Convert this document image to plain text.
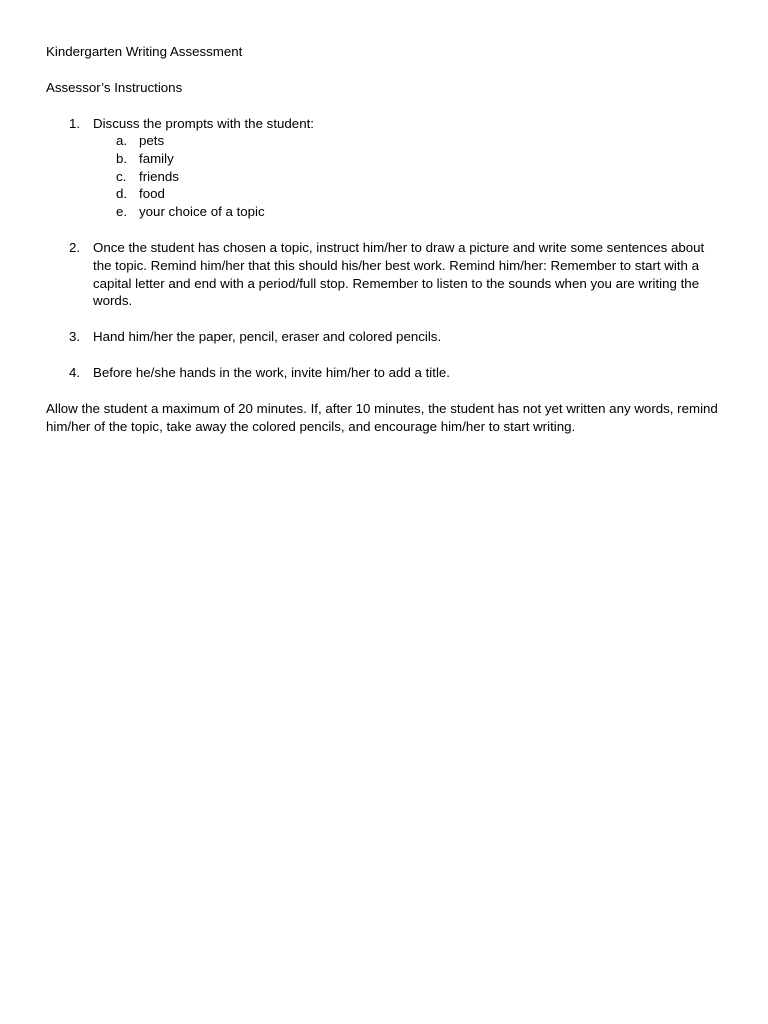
Kindergarten Writing Assessment

Assessor’s Instructions

1. Discuss the prompts with the student:
a. pets
b. family
c. friends
d. food
e. your choice of a topic
2. Once the student has chosen a topic, instruct him/her to draw a picture and write some sentences about the topic. Remind him/her that this should his/her best work. Remind him/her: Remember to start with a capital letter and end with a period/full stop. Remember to listen to the sounds when you are writing the words.
3. Hand him/her the paper, pencil, eraser and colored pencils.
4. Before he/she hands in the work, invite him/her to add a title.

Allow the student a maximum of 20 minutes. If, after 10 minutes, the student has not yet written any words, remind him/her of the topic, take away the colored pencils, and encourage him/her to start writing.
